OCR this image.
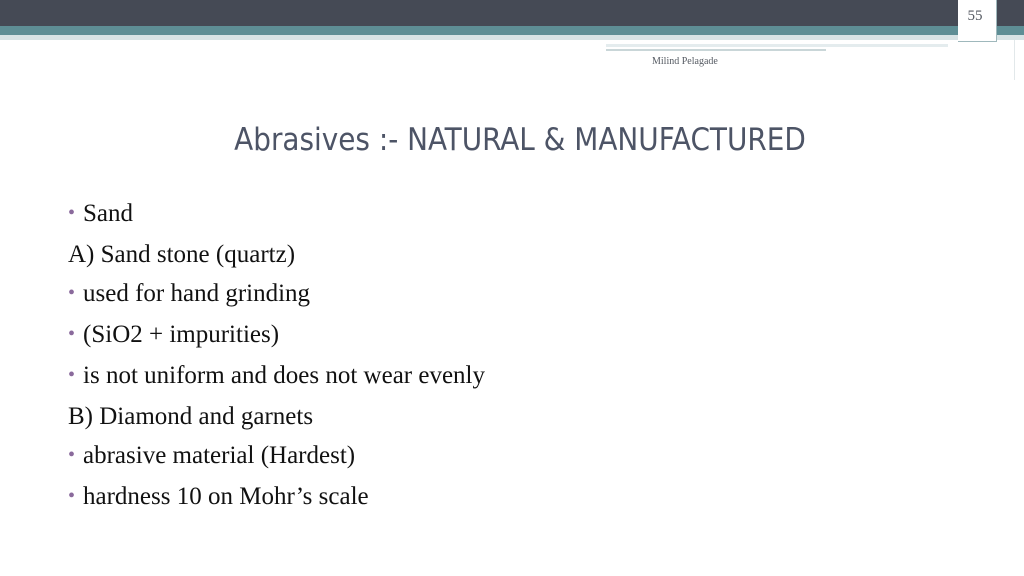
55
Milind Pelagade
Abrasives :- NATURAL & MANUFACTURED
• Sand
A) Sand stone (quartz)
• used for hand grinding
• (SiO2 + impurities)
• is not uniform and does not wear evenly
B) Diamond and garnets
• abrasive material (Hardest)
• hardness 10 on Mohr’s scale
